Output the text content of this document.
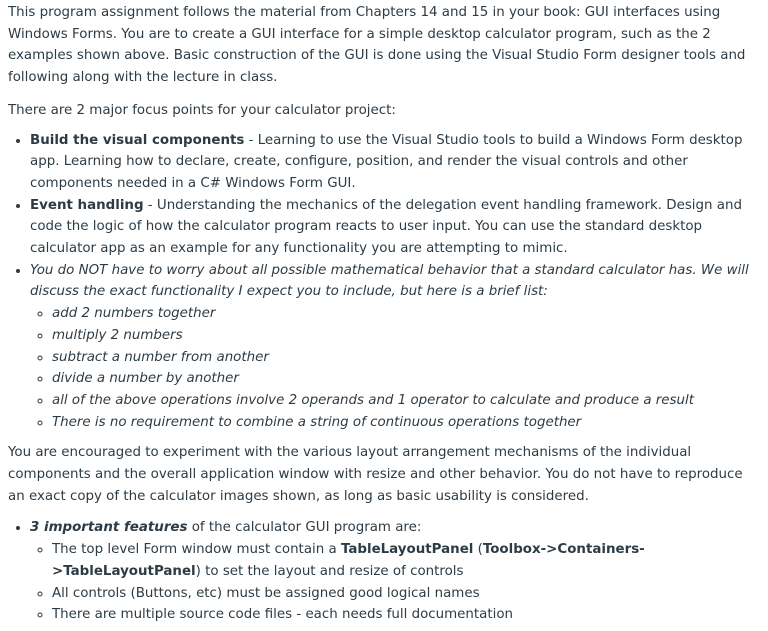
This program assignment follows the material from Chapters 14 and 15 in your book: GUI interfaces using Windows Forms. You are to create a GUI interface for a simple desktop calculator program, such as the 2 examples shown above. Basic construction of the GUI is done using the Visual Studio Form designer tools and following along with the lecture in class.

There are 2 major focus points for your calculator project:

• Build the visual components - Learning to use the Visual Studio tools to build a Windows Form desktop app. Learning how to declare, create, configure, position, and render the visual controls and other components needed in a C# Windows Form GUI.
• Event handling - Understanding the mechanics of the delegation event handling framework. Design and code the logic of how the calculator program reacts to user input. You can use the standard desktop calculator app as an example for any functionality you are attempting to mimic.
• You do NOT have to worry about all possible mathematical behavior that a standard calculator has. We will discuss the exact functionality I expect you to include, but here is a brief list:
◦ add 2 numbers together
◦ multiply 2 numbers
◦ subtract a number from another
◦ divide a number by another
◦ all of the above operations involve 2 operands and 1 operator to calculate and produce a result
◦ There is no requirement to combine a string of continuous operations together

You are encouraged to experiment with the various layout arrangement mechanisms of the individual components and the overall application window with resize and other behavior. You do not have to reproduce an exact copy of the calculator images shown, as long as basic usability is considered.

• 3 important features of the calculator GUI program are:
◦ The top level Form window must contain a TableLayoutPanel (Toolbox->Containers->TableLayoutPanel) to set the layout and resize of controls
◦ All controls (Buttons, etc) must be assigned good logical names
◦ There are multiple source code files - each needs full documentation
